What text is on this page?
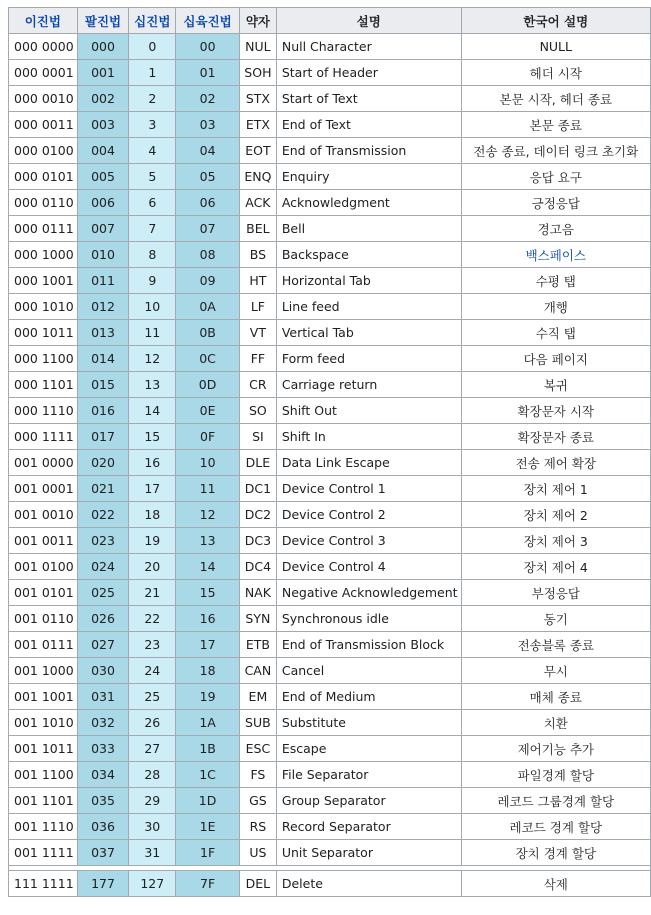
이진법	팔진법	십진법	십육진법	약자	설명	한국어 설명
000 0000	000	0	00	NUL	Null Character	NULL
000 0001	001	1	01	SOH	Start of Header	헤더 시작
000 0010	002	2	02	STX	Start of Text	본문 시작, 헤더 종료
000 0011	003	3	03	ETX	End of Text	본문 종료
000 0100	004	4	04	EOT	End of Transmission	전송 종료, 데이터 링크 초기화
000 0101	005	5	05	ENQ	Enquiry	응답 요구
000 0110	006	6	06	ACK	Acknowledgment	긍정응답
000 0111	007	7	07	BEL	Bell	경고음
000 1000	010	8	08	BS	Backspace	백스페이스
000 1001	011	9	09	HT	Horizontal Tab	수평 탭
000 1010	012	10	0A	LF	Line feed	개행
000 1011	013	11	0B	VT	Vertical Tab	수직 탭
000 1100	014	12	0C	FF	Form feed	다음 페이지
000 1101	015	13	0D	CR	Carriage return	복귀
000 1110	016	14	0E	SO	Shift Out	확장문자 시작
000 1111	017	15	0F	SI	Shift In	확장문자 종료
001 0000	020	16	10	DLE	Data Link Escape	전송 제어 확장
001 0001	021	17	11	DC1	Device Control 1	장치 제어 1
001 0010	022	18	12	DC2	Device Control 2	장치 제어 2
001 0011	023	19	13	DC3	Device Control 3	장치 제어 3
001 0100	024	20	14	DC4	Device Control 4	장치 제어 4
001 0101	025	21	15	NAK	Negative Acknowledgement	부정응답
001 0110	026	22	16	SYN	Synchronous idle	동기
001 0111	027	23	17	ETB	End of Transmission Block	전송블록 종료
001 1000	030	24	18	CAN	Cancel	무시
001 1001	031	25	19	EM	End of Medium	매체 종료
001 1010	032	26	1A	SUB	Substitute	치환
001 1011	033	27	1B	ESC	Escape	제어기능 추가
001 1100	034	28	1C	FS	File Separator	파일경계 할당
001 1101	035	29	1D	GS	Group Separator	레코드 그룹경계 할당
001 1110	036	30	1E	RS	Record Separator	레코드 경계 할당
001 1111	037	31	1F	US	Unit Separator	장치 경계 할당

111 1111	177	127	7F	DEL	Delete	삭제
